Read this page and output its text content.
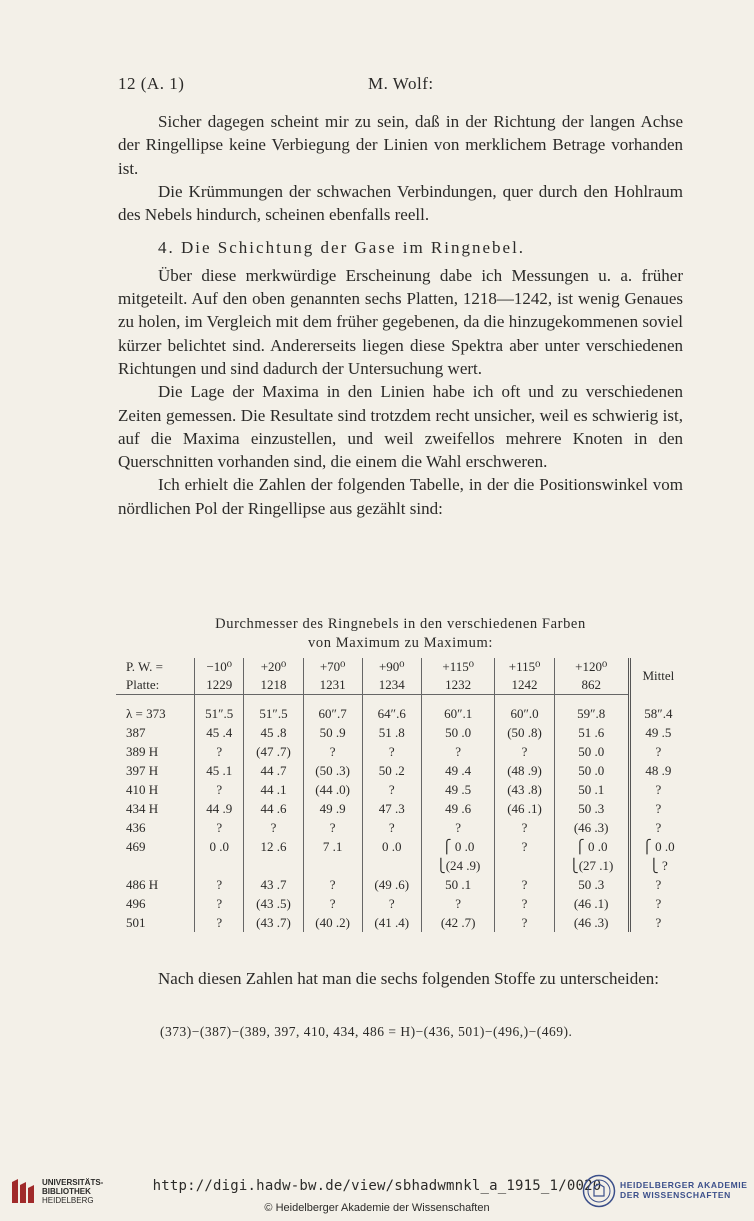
12 (A. 1)	M. Wolf:

Sicher dagegen scheint mir zu sein, daß in der Richtung der langen Achse der Ringellipse keine Verbiegung der Linien von merklichem Betrage vorhanden ist.

Die Krümmungen der schwachen Verbindungen, quer durch den Hohlraum des Nebels hindurch, scheinen ebenfalls reell.

4. Die Schichtung der Gase im Ringnebel.

Über diese merkwürdige Erscheinung dabe ich Messungen u. a. früher mitgeteilt. Auf den oben genannten sechs Platten, 1218—1242, ist wenig Genaues zu holen, im Vergleich mit dem früher gegebenen, da die hinzugekommenen soviel kürzer belichtet sind. Andererseits liegen diese Spektra aber unter verschiedenen Richtungen und sind dadurch der Untersuchung wert.

Die Lage der Maxima in den Linien habe ich oft und zu verschiedenen Zeiten gemessen. Die Resultate sind trotzdem recht unsicher, weil es schwierig ist, auf die Maxima einzustellen, und weil zweifellos mehrere Knoten in den Querschnitten vorhanden sind, die einem die Wahl erschweren.

Ich erhielt die Zahlen der folgenden Tabelle, in der die Positionswinkel vom nördlichen Pol der Ringellipse aus gezählt sind:

Durchmesser des Ringnebels in den verschiedenen Farben
von Maximum zu Maximum:
P. W. =	−10⁰	+20⁰	+70⁰	+90⁰	+115⁰	+115⁰	+120⁰	Mittel
Platte:	1229	1218	1231	1234	1232	1242	862	

λ = 373	51″.5	51″.5	60″.7	64″.6	60″.1	60″.0	59″.8	58″.4
387	45 .4	45 .8	50 .9	51 .8	50 .0	(50 .8)	51 .6	49 .5
389 H	?	(47 .7)	?	?	?	?	50 .0	?
397 H	45 .1	44 .7	(50 .3)	50 .2	49 .4	(48 .9)	50 .0	48 .9
410 H	?	44 .1	(44 .0)	?	49 .5	(43 .8)	50 .1	?
434 H	44 .9	44 .6	49 .9	47 .3	49 .6	(46 .1)	50 .3	?
436	?	?	?	?	?	?	(46 .3)	?
469	0 .0	12 .6	7 .1	0 .0	⎧ 0 .0	?	⎧ 0 .0	⎧ 0 .0
					⎩(24 .9)		⎩(27 .1)	⎩ ?
486 H	?	43 .7	?	(49 .6)	50 .1	?	50 .3	?
496	?	(43 .5)	?	?	?	?	(46 .1)	?
501	?	(43 .7)	(40 .2)	(41 .4)	(42 .7)	?	(46 .3)	?

Nach diesen Zahlen hat man die sechs folgenden Stoffe zu unterscheiden:

(373)−(387)−(389, 397, 410, 434, 486 = H)−(436, 501)−(496,)−(469).
UNIVERSITÄTS-
BIBLIOTHEK
HEIDELBERG
http://digi.hadw-bw.de/view/sbhadwmnkl_a_1915_1/0020
© Heidelberger Akademie der Wissenschaften
HEIDELBERGER AKADEMIE
DER WISSENSCHAFTEN
